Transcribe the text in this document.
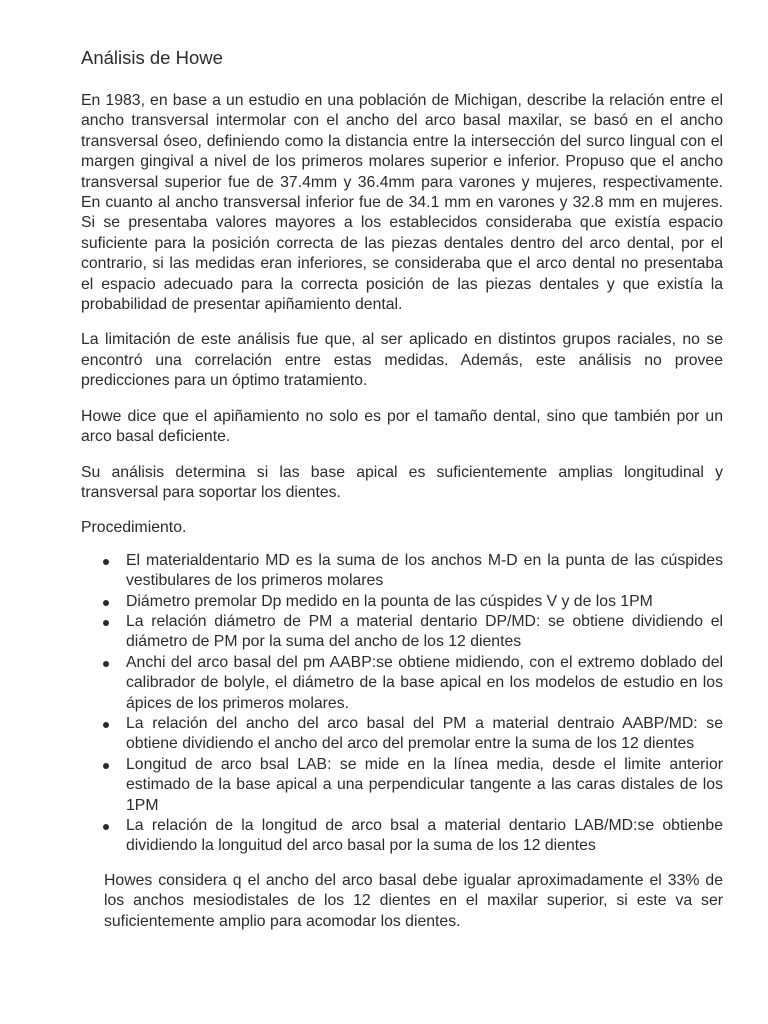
Análisis de Howe

En 1983, en base a un estudio en una población de Michigan, describe la relación entre el ancho transversal intermolar con el ancho del arco basal maxilar, se basó en el ancho transversal óseo, definiendo como la distancia entre la intersección del surco lingual con el margen gingival a nivel de los primeros molares superior e inferior. Propuso que el ancho transversal superior fue de 37.4mm y 36.4mm para varones y mujeres, respectivamente. En cuanto al ancho transversal inferior fue de 34.1 mm en varones y 32.8 mm en mujeres. Si se presentaba valores mayores a los establecidos consideraba que existía espacio suficiente para la posición correcta de las piezas dentales dentro del arco dental, por el contrario, si las medidas eran inferiores, se consideraba que el arco dental no presentaba el espacio adecuado para la correcta posición de las piezas dentales y que existía la probabilidad de presentar apiñamiento dental.

La limitación de este análisis fue que, al ser aplicado en distintos grupos raciales, no se encontró una correlación entre estas medidas. Además, este análisis no provee predicciones para un óptimo tratamiento.

Howe dice que el apiñamiento no solo es por el tamaño dental, sino que también por un arco basal deficiente.

Su análisis determina si las base apical es suficientemente amplias longitudinal y transversal para soportar los dientes.

Procedimiento.

El materialdentario MD es la suma de los anchos M-D en la punta de las cúspides vestibulares de los primeros molares
Diámetro premolar Dp medido en la pounta de las cúspides V y de los 1PM
La relación diámetro de PM a material dentario DP/MD: se obtiene dividiendo el diámetro de PM por la suma del ancho de los 12 dientes
Anchi del arco basal del pm AABP:se obtiene midiendo, con el extremo doblado del calibrador de bolyle, el diámetro de la base apical en los modelos de estudio en los ápices de los primeros molares.
La relación del ancho del arco basal del PM a material dentraio AABP/MD: se obtiene dividiendo el ancho del arco del premolar entre la suma de los 12 dientes
Longitud de arco bsal LAB: se mide en la línea media, desde el limite anterior estimado de la base apical a una perpendicular tangente a las caras distales de los 1PM
La relación de la longitud de arco bsal a material dentario LAB/MD:se obtienbe dividiendo la longuitud del arco basal por la suma de los 12 dientes

Howes considera q el ancho del arco basal debe igualar aproximadamente el 33% de los anchos mesiodistales de los 12 dientes en el maxilar superior, si este va ser suficientemente amplio para acomodar los dientes.
